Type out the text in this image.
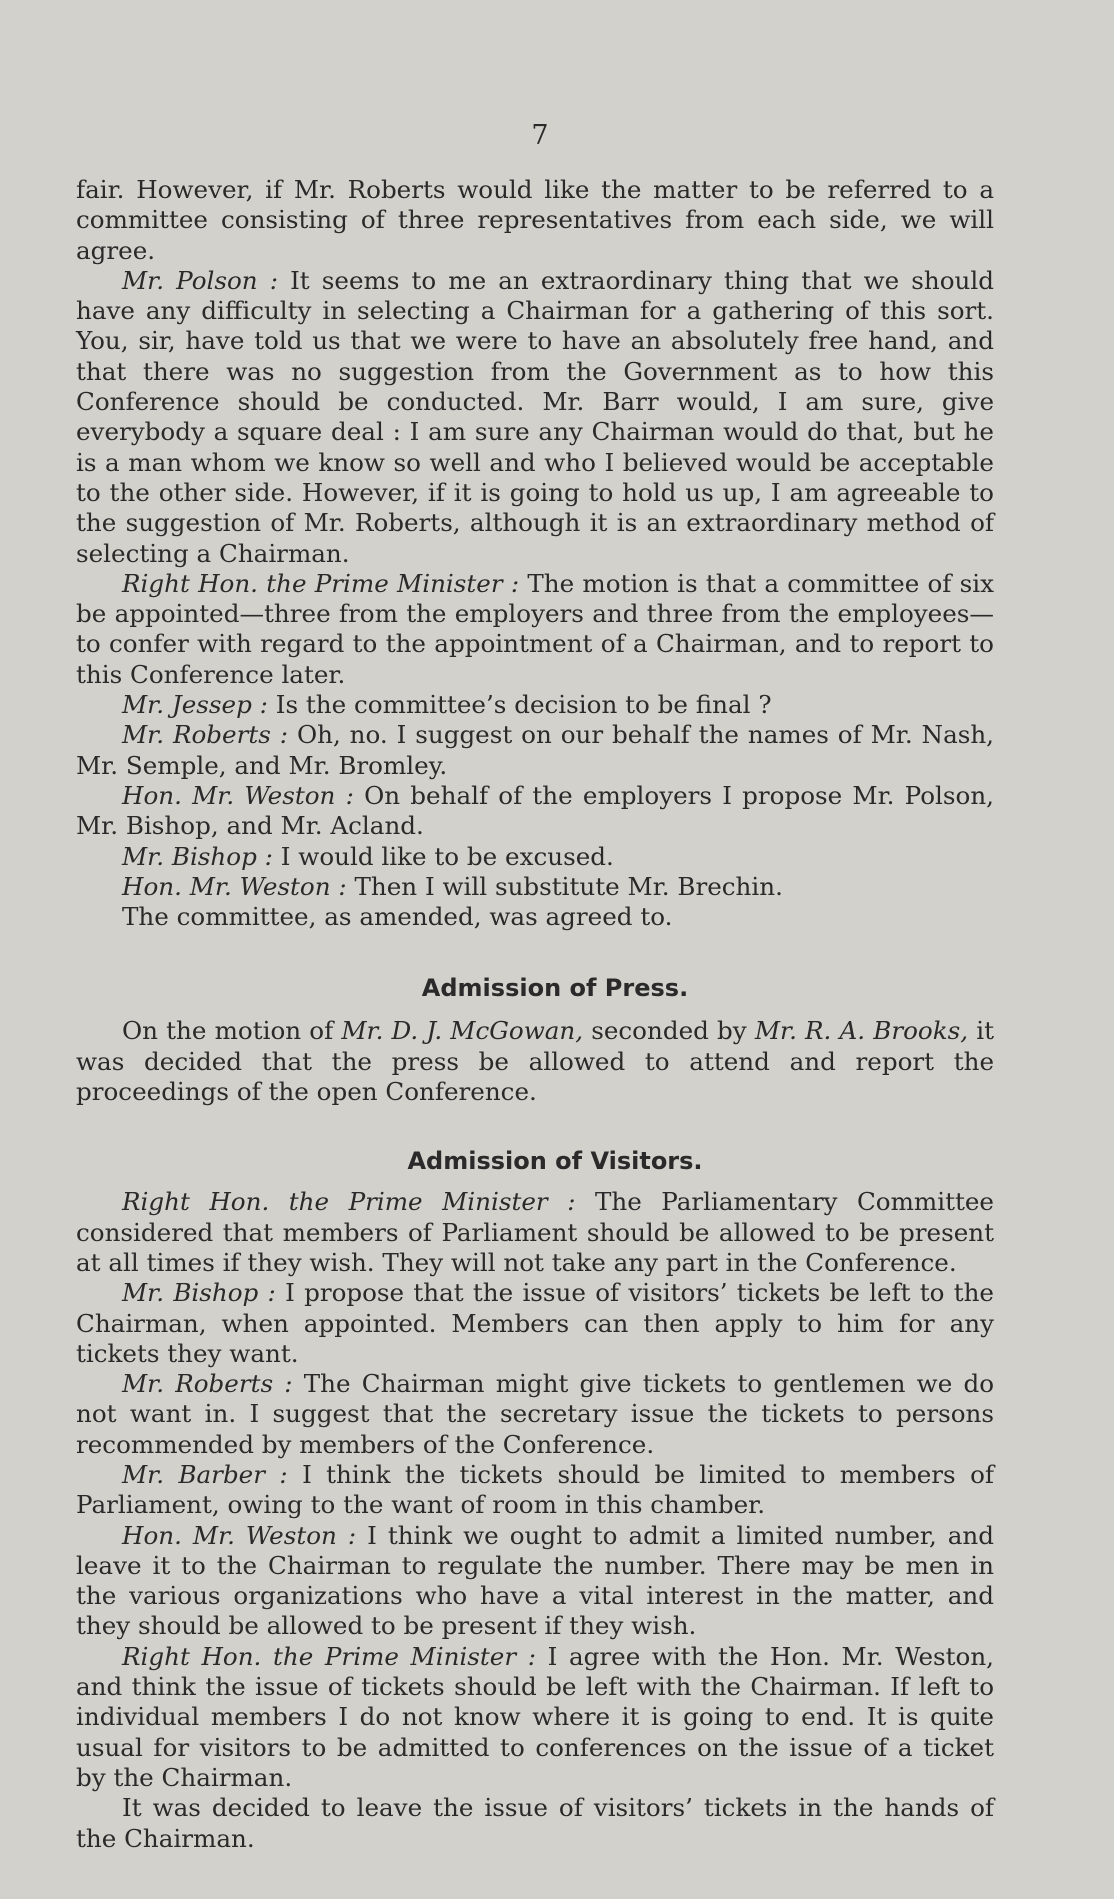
7

fair. However, if Mr. Roberts would like the matter to be referred to a committee consisting of three representatives from each side, we will agree.

Mr. Polson : It seems to me an extraordinary thing that we should have any difficulty in selecting a Chairman for a gathering of this sort. You, sir, have told us that we were to have an absolutely free hand, and that there was no suggestion from the Government as to how this Conference should be conducted. Mr. Barr would, I am sure, give everybody a square deal : I am sure any Chairman would do that, but he is a man whom we know so well and who I believed would be acceptable to the other side. However, if it is going to hold us up, I am agreeable to the suggestion of Mr. Roberts, although it is an extraordinary method of selecting a Chairman.

Right Hon. the Prime Minister : The motion is that a committee of six be appointed—three from the employers and three from the employees—to confer with regard to the appointment of a Chairman, and to report to this Conference later.

Mr. Jessep : Is the committee’s decision to be final ?

Mr. Roberts : Oh, no. I suggest on our behalf the names of Mr. Nash, Mr. Semple, and Mr. Bromley.

Hon. Mr. Weston : On behalf of the employers I propose Mr. Polson, Mr. Bishop, and Mr. Acland.

Mr. Bishop : I would like to be excused.

Hon. Mr. Weston : Then I will substitute Mr. Brechin.

The committee, as amended, was agreed to.

Admission of Press.

On the motion of Mr. D. J. McGowan, seconded by Mr. R. A. Brooks, it was decided that the press be allowed to attend and report the proceedings of the open Conference.

Admission of Visitors.

Right Hon. the Prime Minister : The Parliamentary Committee considered that members of Parliament should be allowed to be present at all times if they wish. They will not take any part in the Conference.

Mr. Bishop : I propose that the issue of visitors’ tickets be left to the Chairman, when appointed. Members can then apply to him for any tickets they want.

Mr. Roberts : The Chairman might give tickets to gentlemen we do not want in. I suggest that the secretary issue the tickets to persons recommended by members of the Conference.

Mr. Barber : I think the tickets should be limited to members of Parliament, owing to the want of room in this chamber.

Hon. Mr. Weston : I think we ought to admit a limited number, and leave it to the Chairman to regulate the number. There may be men in the various organizations who have a vital interest in the matter, and they should be allowed to be present if they wish.

Right Hon. the Prime Minister : I agree with the Hon. Mr. Weston, and think the issue of tickets should be left with the Chairman. If left to individual members I do not know where it is going to end. It is quite usual for visitors to be admitted to conferences on the issue of a ticket by the Chairman.

It was decided to leave the issue of visitors’ tickets in the hands of the Chairman.
